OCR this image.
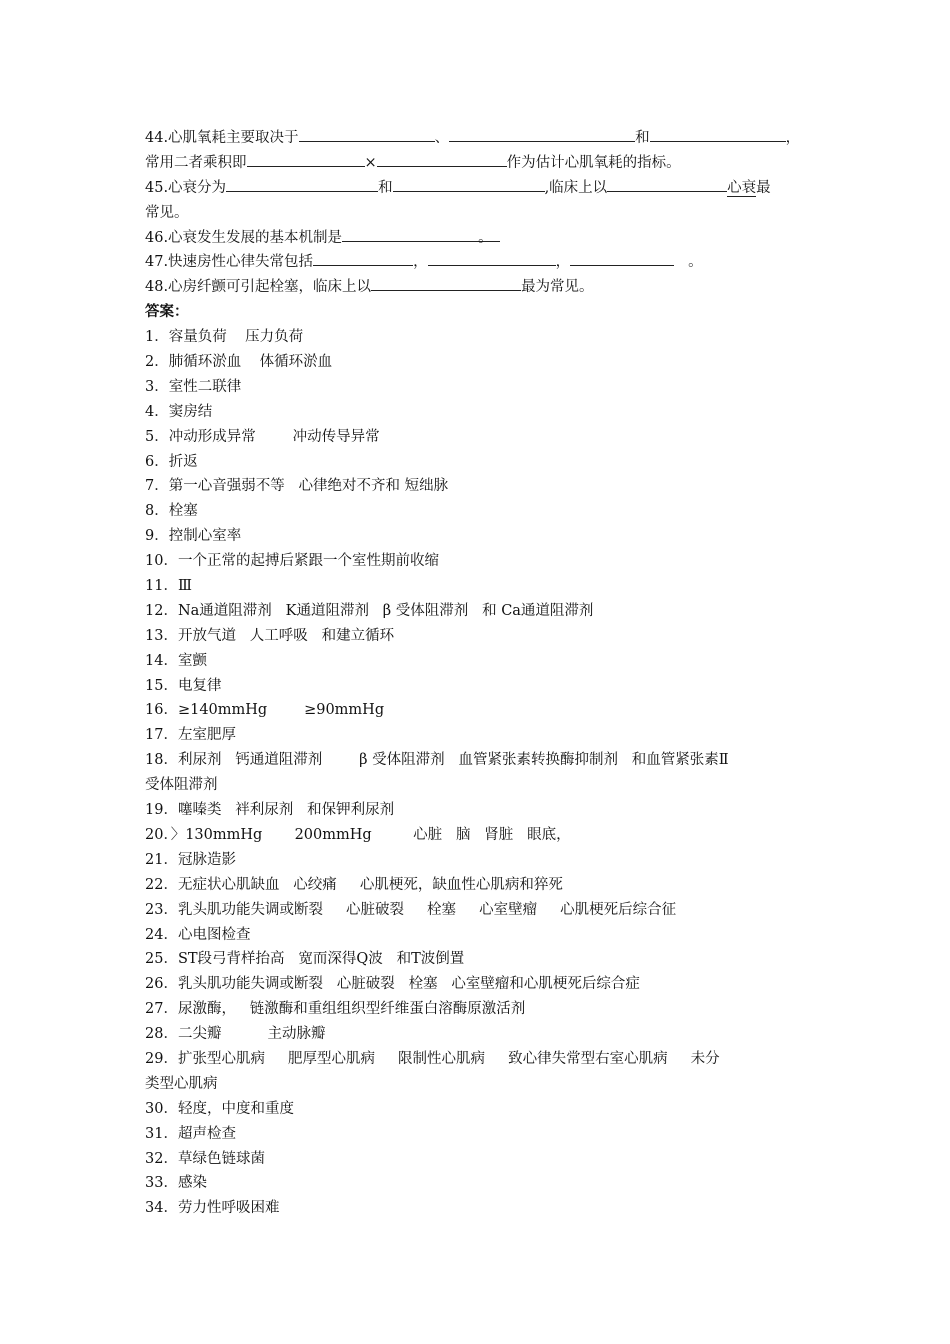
44.心肌氧耗主要取决于	、	和	，
常用二者乘积即	×	作为估计心肌氧耗的指标。
45.心衰分为	和	,临床上以	心衰最
常见。
46.心衰发生发展的基本机制是	。
47.快速房性心律失常包括	，	，	。
48.心房纤颤可引起栓塞，临床上以	最为常见。
答案：
1．容量负荷    压力负荷
2．肺循环淤血    体循环淤血
3．室性二联律
4．窦房结
5．冲动形成异常        冲动传导异常
6．折返
7．第一心音强弱不等   心律绝对不齐和 短绌脉
8．栓塞
9．控制心室率
10．一个正常的起搏后紧跟一个室性期前收缩
11．Ⅲ
12．Na通道阻滞剂   K通道阻滞剂   β 受体阻滞剂   和 Ca通道阻滞剂
13．开放气道   人工呼吸   和建立循环
14．室颤
15．电复律
16．≥140mmHg        ≥90mmHg
17．左室肥厚
18．利尿剂   钙通道阻滞剂        β 受体阻滞剂   血管紧张素转换酶抑制剂   和血管紧张素Ⅱ
受体阻滞剂
19．噻嗪类   袢利尿剂   和保钾利尿剂
20．〉130mmHg       200mmHg         心脏   脑   肾脏   眼底，
21．冠脉造影
22．无症状心肌缺血   心绞痛     心肌梗死，缺血性心肌病和猝死
23．乳头肌功能失调或断裂     心脏破裂     栓塞     心室壁瘤     心肌梗死后综合征
24．心电图检查
25．ST段弓背样抬高   宽而深得Q波   和T波倒置
26．乳头肌功能失调或断裂   心脏破裂   栓塞   心室壁瘤和心肌梗死后综合症
27．尿激酶，   链激酶和重组组织型纤维蛋白溶酶原激活剂
28．二尖瓣          主动脉瓣
29．扩张型心肌病     肥厚型心肌病     限制性心肌病     致心律失常型右室心肌病     未分
类型心肌病
30．轻度，中度和重度
31．超声检查
32．草绿色链球菌
33．感染
34．劳力性呼吸困难
